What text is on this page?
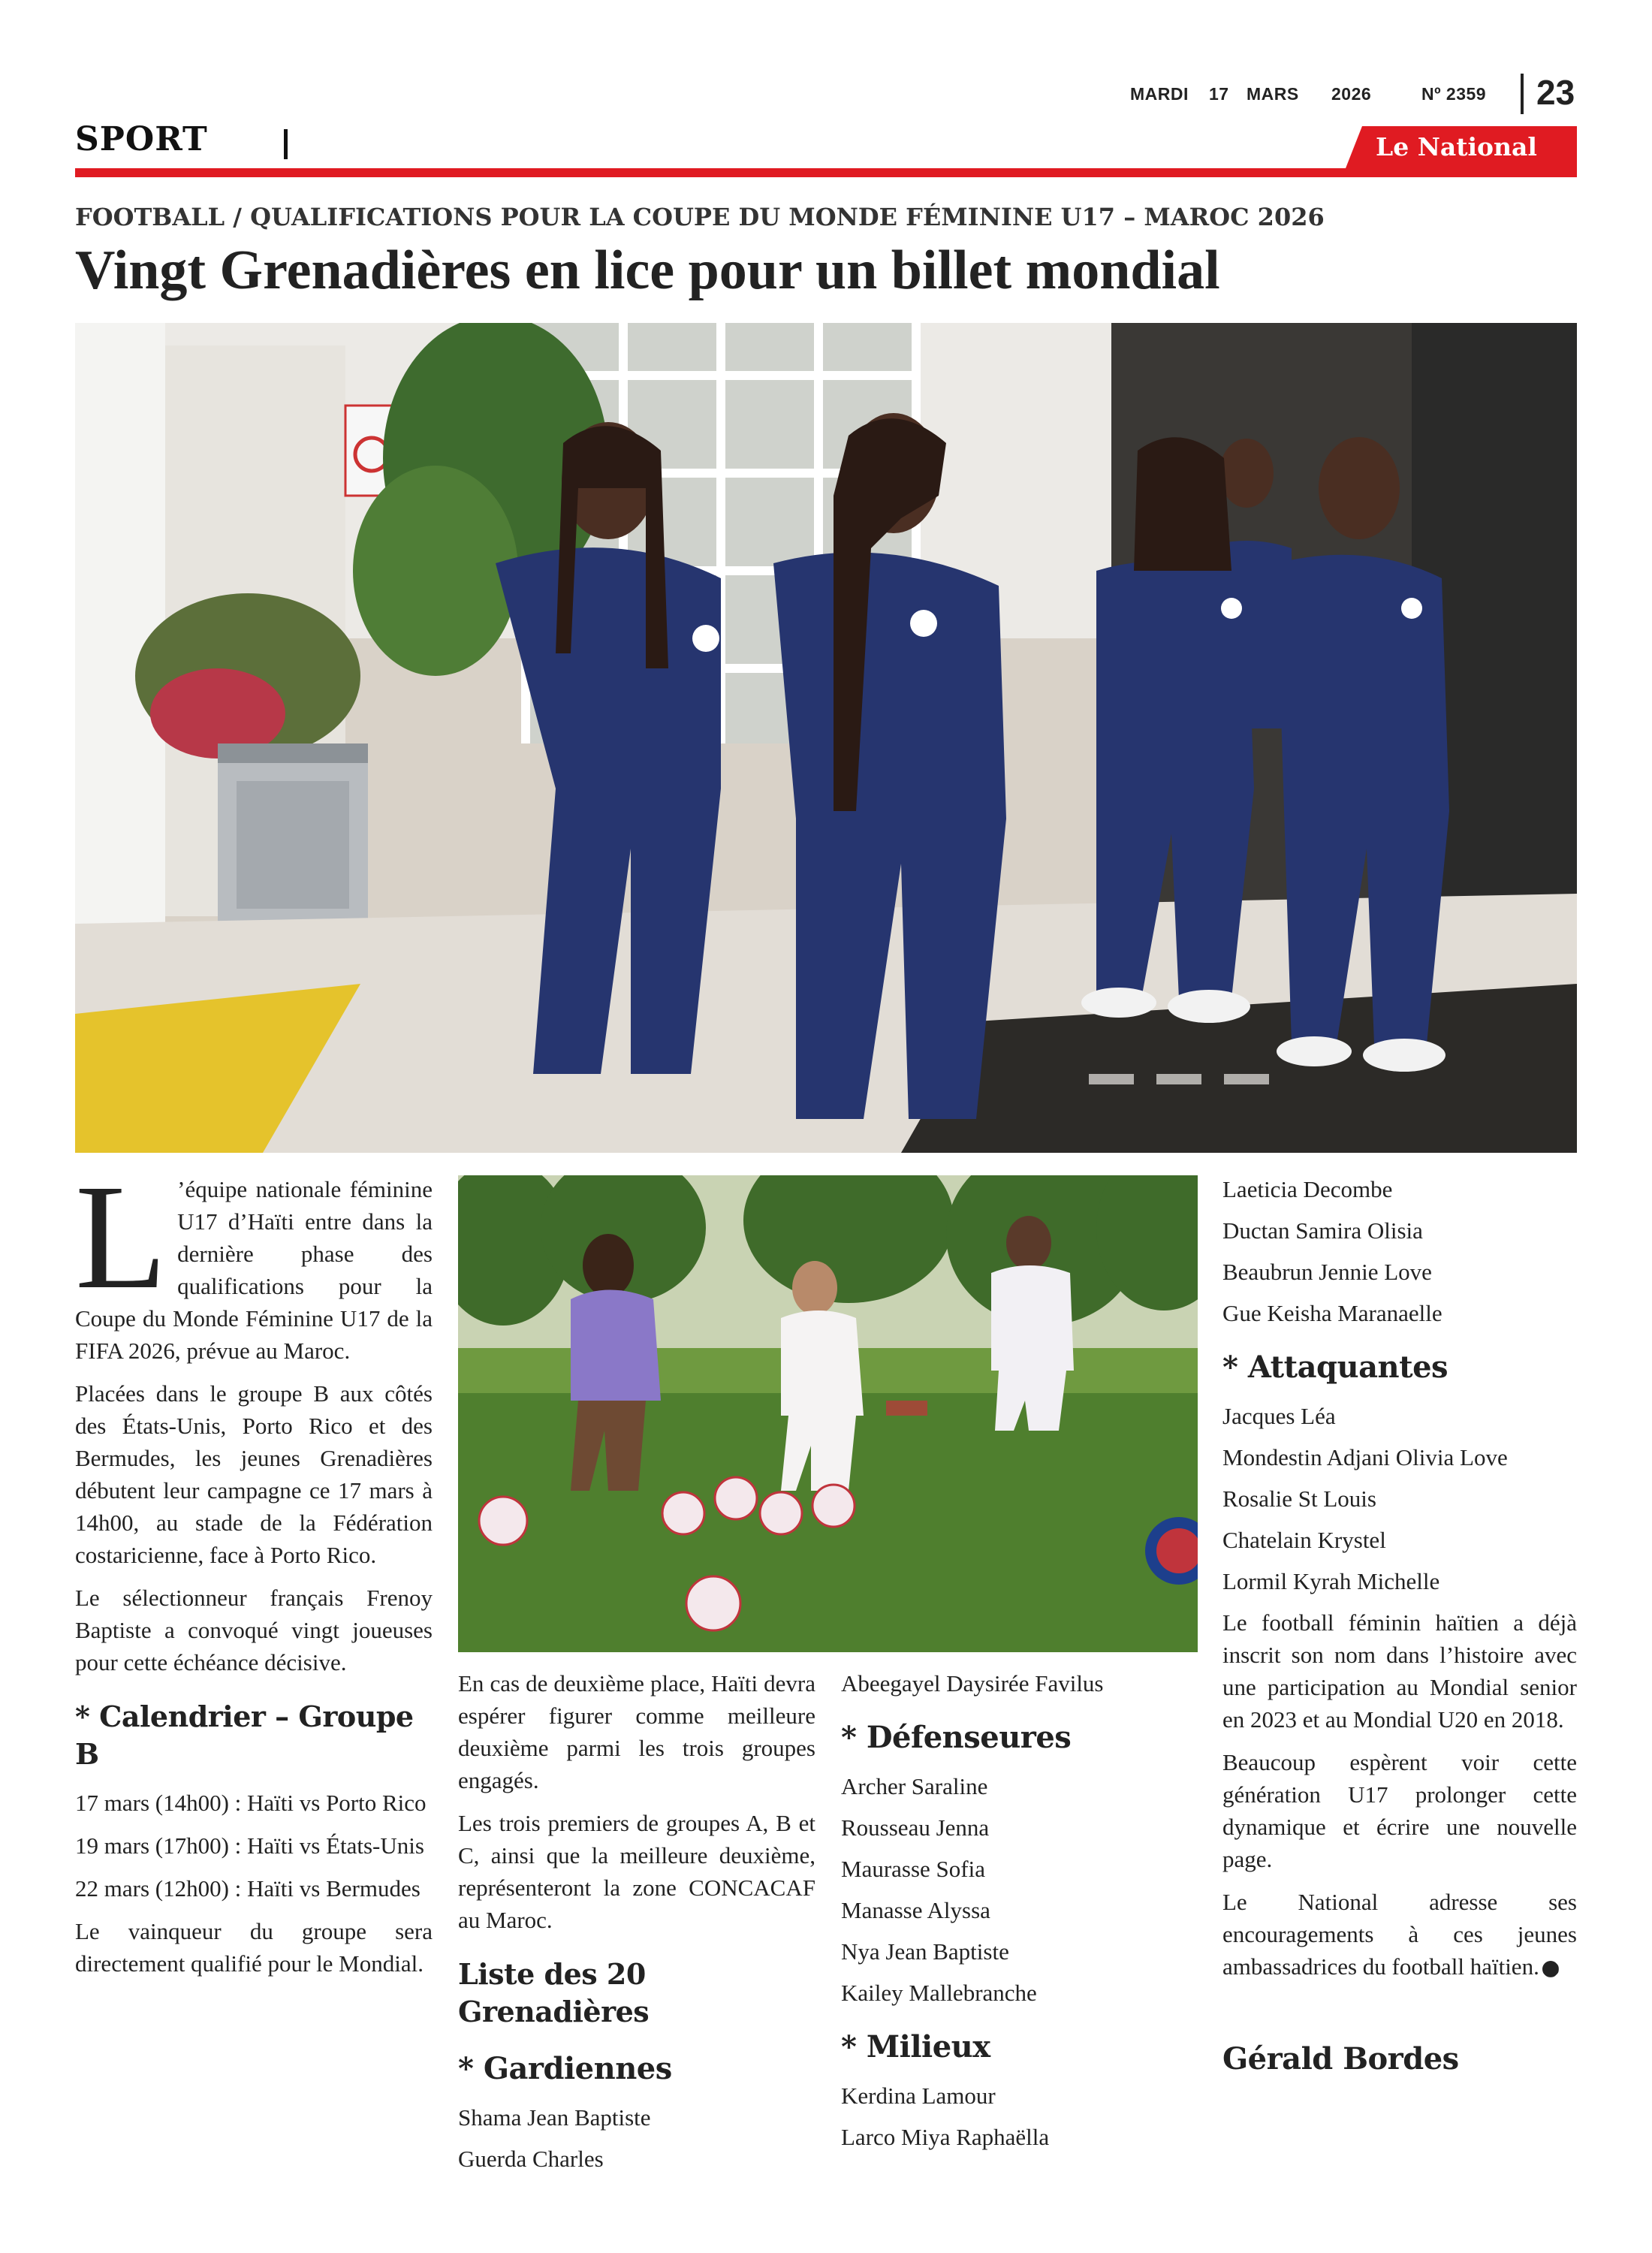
MARDI 17 MARS 2026	Nº 2359 23
SPORT	Le National
FOOTBALL / QUALIFICATIONS POUR LA COUPE DU MONDE FÉMININE U17 – MAROC 2026
Vingt Grenadières en lice pour un billet mondial

L ’équipe nationale féminine U17 d’Haïti entre dans la dernière phase des qualifications pour la Coupe du Monde Féminine U17 de la FIFA 2026, prévue au Maroc.

Placées dans le groupe B aux côtés des États-Unis, Porto Rico et des Bermudes, les jeunes Grenadières débutent leur campagne ce 17 mars à 14h00, au stade de la Fédération costaricienne, face à Porto Rico.

Le sélectionneur français Frenoy Baptiste a convoqué vingt joueuses pour cette échéance décisive.

* Calendrier – Groupe B

17 mars (14h00) : Haïti vs Porto Rico

19 mars (17h00) : Haïti vs États-Unis

22 mars (12h00) : Haïti vs Bermudes

Le vainqueur du groupe sera directement qualifié pour le Mondial.

En cas de deuxième place, Haïti devra espérer figurer comme meilleure deuxième parmi les trois groupes engagés.

Les trois premiers de groupes A, B et C, ainsi que la meilleure deuxième, représenteront la zone CONCACAF au Maroc.

Liste des 20 Grenadières
* Gardiennes
Shama Jean Baptiste
Guerda Charles
Abeegayel Daysirée Favilus
* Défenseures
Archer Saraline
Rousseau Jenna
Maurasse Sofia
Manasse Alyssa
Nya Jean Baptiste
Kailey Mallebranche
* Milieux
Kerdina Lamour
Larco Miya Raphaëlla
Laeticia Decombe
Ductan Samira Olisia
Beaubrun Jennie Love
Gue Keisha Maranaelle
* Attaquantes
Jacques Léa
Mondestin Adjani Olivia Love
Rosalie St Louis
Chatelain Krystel
Lormil Kyrah Michelle

Le football féminin haïtien a déjà inscrit son nom dans l’histoire avec une participation au Mondial senior en 2023 et au Mondial U20 en 2018.

Beaucoup espèrent voir cette génération U17 prolonger cette dynamique et écrire une nouvelle page.

Le National adresse ses encouragements à ces jeunes ambassadrices du football haïtien.

Gérald Bordes
